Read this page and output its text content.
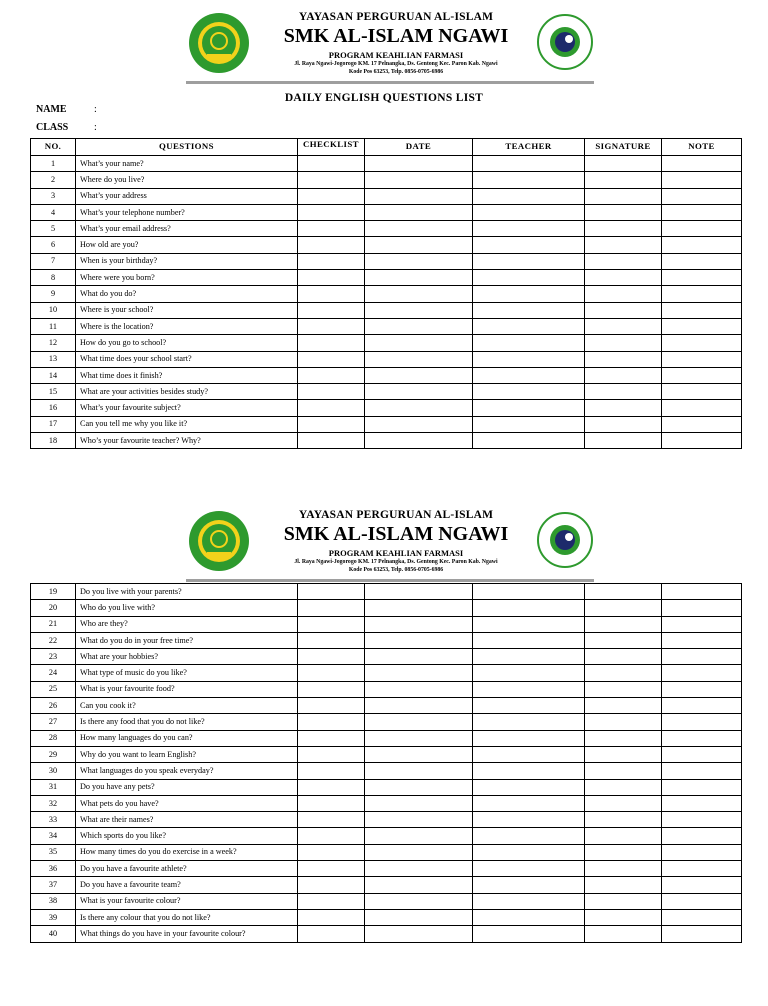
YAYASAN PERGURUAN AL-ISLAM
SMK AL-ISLAM NGAWI
PROGRAM KEAHLIAN FARMASI
Jl. Raya Ngawi-Jogorogo KM. 17 Pelnangka, Ds. Gentong Kec. Paron Kab. Ngawi
Kode Pos 63253, Telp. 0856-0705-6986
DAILY ENGLISH QUESTIONS LIST
NAME	:
CLASS	:
NO.	QUESTIONS	CHECKLIST	DATE	TEACHER	SIGNATURE	NOTE
1	What’s your name?					
2	Where do you live?					
3	What’s your address					
4	What’s your telephone number?					
5	What’s your email address?					
6	How old are you?					
7	When is your birthday?					
8	Where were you born?					
9	What do you do?					
10	Where is your school?					
11	Where is the location?					
12	How do you go to school?					
13	What time does your school start?					
14	What time does it finish?					
15	What are your activities besides study?					
16	What’s your favourite subject?					
17	Can you tell me why you like it?					
18	Who’s your favourite teacher? Why?					
YAYASAN PERGURUAN AL-ISLAM
SMK AL-ISLAM NGAWI
PROGRAM KEAHLIAN FARMASI
Jl. Raya Ngawi-Jogorogo KM. 17 Pelnangka, Ds. Gentong Kec. Paron Kab. Ngawi
Kode Pos 63253, Telp. 0856-0705-6986
19	Do you live with your parents?					
20	Who do you live with?					
21	Who are they?					
22	What do you do in your free time?					
23	What are your hobbies?					
24	What type of music do you like?					
25	What is your favourite food?					
26	Can you cook it?					
27	Is there any food that you do not like?					
28	How many languages do you can?					
29	Why do you want to learn English?					
30	What languages do you speak everyday?					
31	Do you have any pets?					
32	What pets do you have?					
33	What are their names?					
34	Which sports do you like?					
35	How many times do you do exercise in a week?					
36	Do you have a favourite athlete?					
37	Do you have a favourite team?					
38	What is your favourite colour?					
39	Is there any colour that you do not like?					
40	What things do you have in your favourite colour?					
